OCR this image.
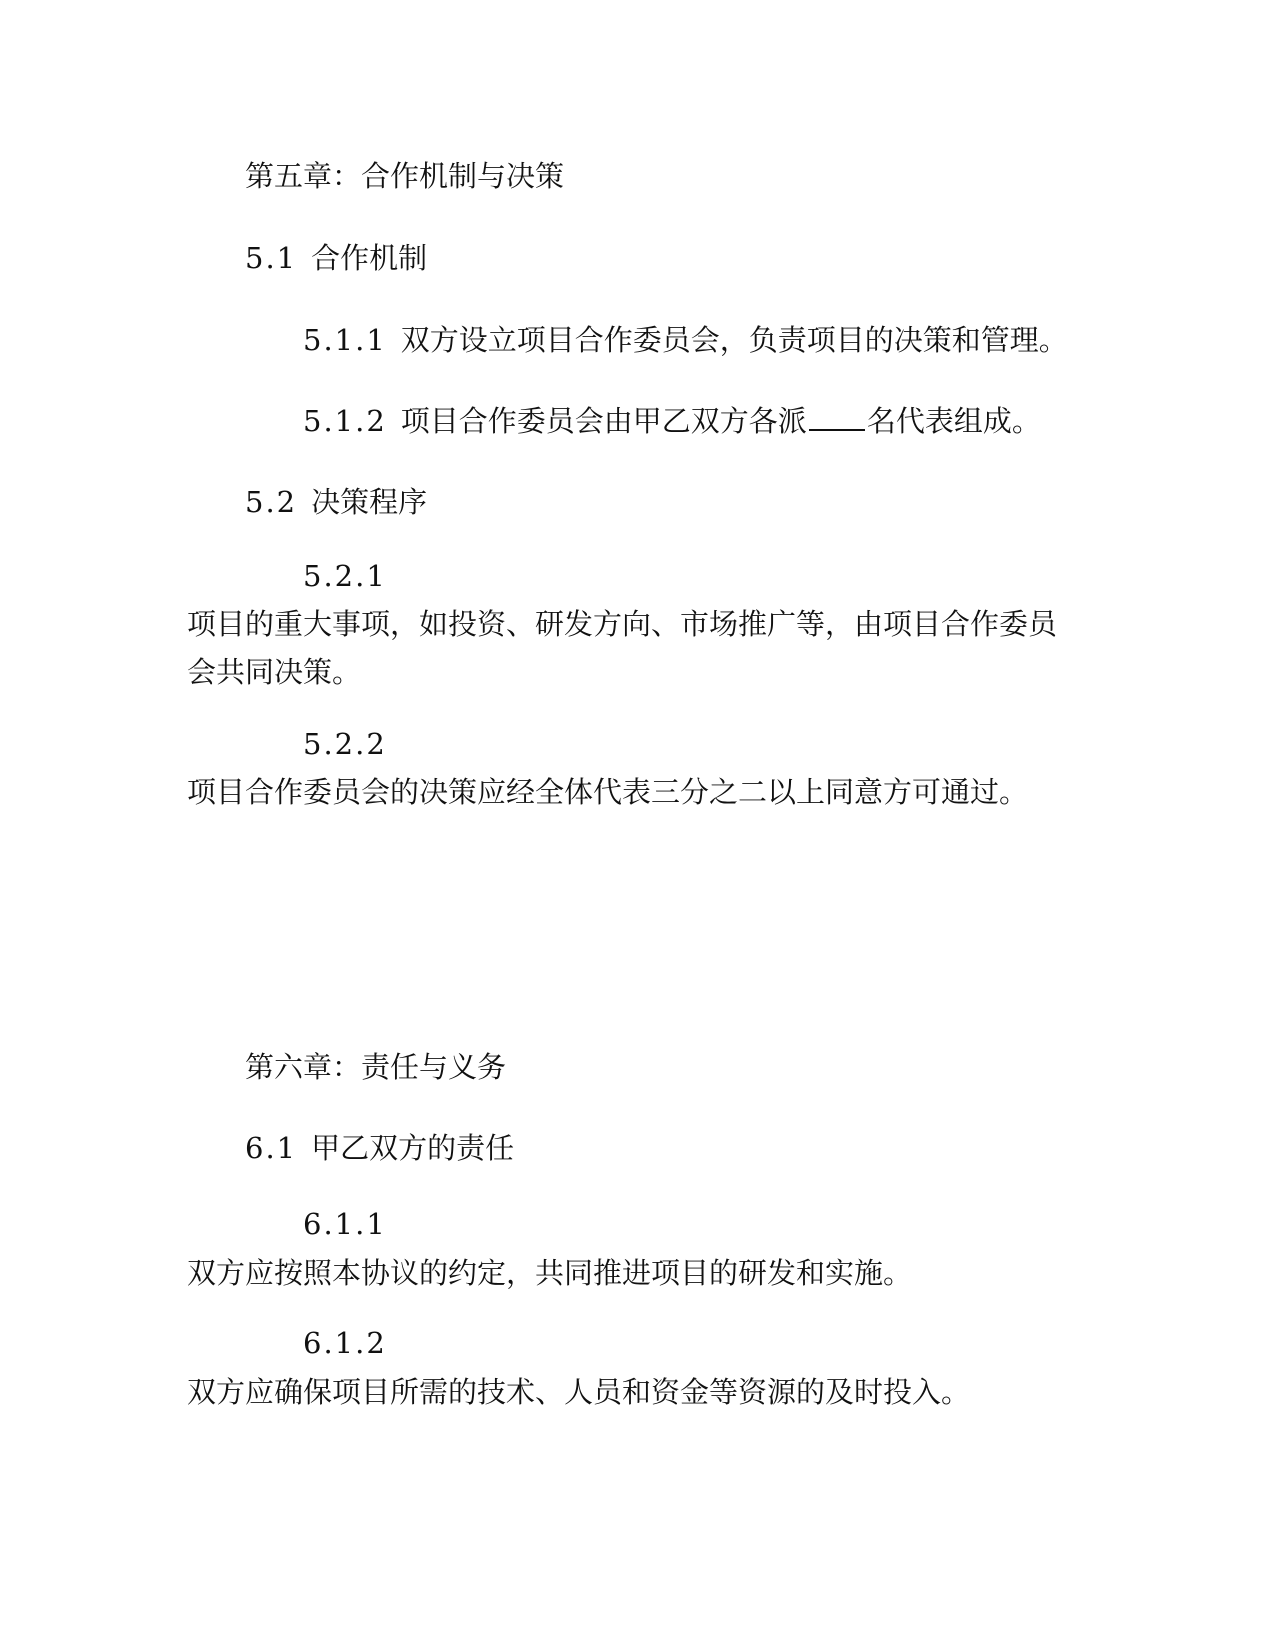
第五章：合作机制与决策
5.1 合作机制
5.1.1 双方设立项目合作委员会，负责项目的决策和管理。
5.1.2 项目合作委员会由甲乙双方各派 名代表组成。
5.2 决策程序
5.2.1
项目的重大事项，如投资、研发方向、市场推广等，由项目合作委员会共同决策。
5.2.2
项目合作委员会的决策应经全体代表三分之二以上同意方可通过。
第六章：责任与义务
6.1 甲乙双方的责任
6.1.1
双方应按照本协议的约定，共同推进项目的研发和实施。
6.1.2
双方应确保项目所需的技术、人员和资金等资源的及时投入。
